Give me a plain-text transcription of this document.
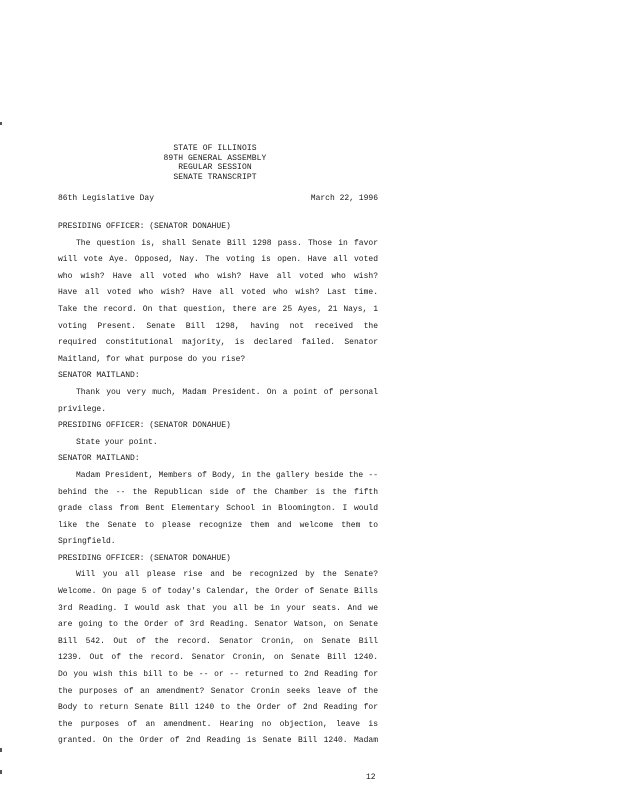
STATE OF ILLINOIS
89TH GENERAL ASSEMBLY
REGULAR SESSION
SENATE TRANSCRIPT
86th Legislative Day	March 22, 1996
PRESIDING OFFICER: (SENATOR DONAHUE)
The question is, shall Senate Bill 1298 pass. Those in favor
will vote Aye. Opposed, Nay. The voting is open. Have all voted
who wish? Have all voted who wish? Have all voted who wish?
Have all voted who wish? Have all voted who wish? Last time.
Take the record. On that question, there are 25 Ayes, 21 Nays, 1
voting Present. Senate Bill 1298, having not received the
required constitutional majority, is declared failed. Senator
Maitland, for what purpose do you rise?
SENATOR MAITLAND:
Thank you very much, Madam President. On a point of personal
privilege.
PRESIDING OFFICER: (SENATOR DONAHUE)
State your point.
SENATOR MAITLAND:
Madam President, Members of Body, in the gallery beside the --
behind the -- the Republican side of the Chamber is the fifth
grade class from Bent Elementary School in Bloomington. I would
like the Senate to please recognize them and welcome them to
Springfield.
PRESIDING OFFICER: (SENATOR DONAHUE)
Will you all please rise and be recognized by the Senate?
Welcome. On page 5 of today's Calendar, the Order of Senate Bills
3rd Reading. I would ask that you all be in your seats. And we
are going to the Order of 3rd Reading. Senator Watson, on Senate
Bill 542. Out of the record. Senator Cronin, on Senate Bill
1239. Out of the record. Senator Cronin, on Senate Bill 1240.
Do you wish this bill to be -- or -- returned to 2nd Reading for
the purposes of an amendment? Senator Cronin seeks leave of the
Body to return Senate Bill 1240 to the Order of 2nd Reading for
the purposes of an amendment. Hearing no objection, leave is
granted. On the Order of 2nd Reading is Senate Bill 1240. Madam
12
